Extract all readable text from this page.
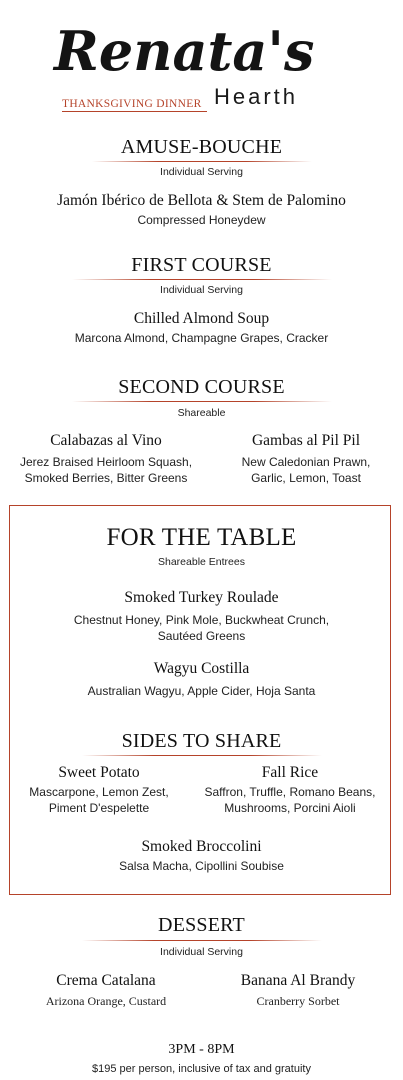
Renata's
THANKSGIVING DINNER Hearth
AMUSE-BOUCHE
Individual Serving
Jamón Ibérico de Bellota & Stem de Palomino
Compressed Honeydew
FIRST COURSE
Individual Serving
Chilled Almond Soup
Marcona Almond, Champagne Grapes, Cracker
SECOND COURSE
Shareable
Calabazas al Vino
Jerez Braised Heirloom Squash,
Smoked Berries, Bitter Greens
Gambas al Pil Pil
New Caledonian Prawn,
Garlic, Lemon, Toast
FOR THE TABLE
Shareable Entrees
Smoked Turkey Roulade
Chestnut Honey, Pink Mole, Buckwheat Crunch,
Sautéed Greens
Wagyu Costilla
Australian Wagyu, Apple Cider, Hoja Santa
SIDES TO SHARE
Sweet Potato
Mascarpone, Lemon Zest,
Piment D'espelette
Fall Rice
Saffron, Truffle, Romano Beans,
Mushrooms, Porcini Aioli
Smoked Broccolini
Salsa Macha, Cipollini Soubise
DESSERT
Individual Serving
Crema Catalana
Arizona Orange, Custard
Banana Al Brandy
Cranberry Sorbet
3PM - 8PM
$195 per person, inclusive of tax and gratuity
